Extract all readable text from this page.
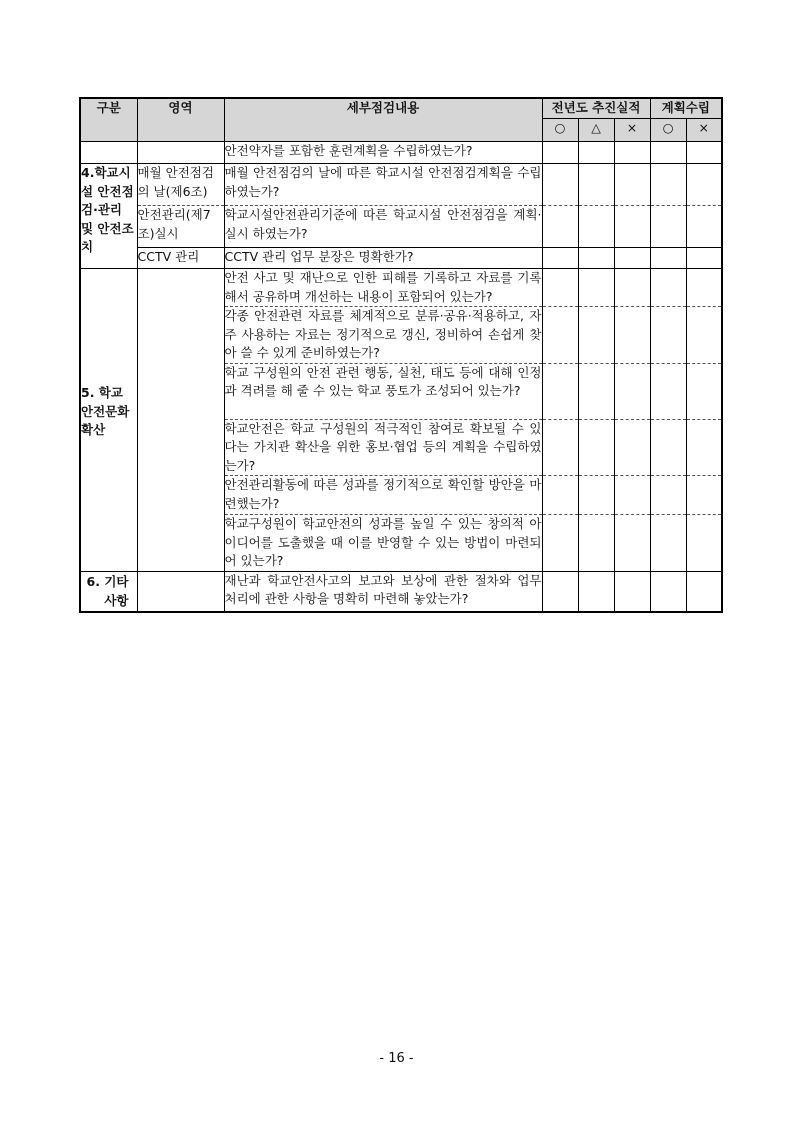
구분	영역	세부점검내용	전년도 추진실적			계획수립	
			○	△	×	○	×
		안전약자를 포함한 훈련계획을 수립하였는가?					
4.학교시설 안전점검·관리 및 안전조치	매월 안전점검의 날(제6조)	매월 안전점검의 날에 따른 학교시설 안전점검계획을 수립하였는가?					
	안전관리(제7조)실시	학교시설안전관리기준에 따른 학교시설 안전점검을 계획·실시 하였는가?					
	CCTV 관리	CCTV 관리 업무 분장은 명확한가?					
5. 학교 안전문화 확산		안전 사고 및 재난으로 인한 피해를 기록하고 자료를 기록해서 공유하며 개선하는 내용이 포함되어 있는가?					
		각종 안전관련 자료를 체계적으로 분류·공유·적용하고, 자주 사용하는 자료는 정기적으로 갱신, 정비하여 손쉽게 찾아 쓸 수 있게 준비하였는가?					
		학교 구성원의 안전 관련 행동, 실천, 태도 등에 대해 인정과 격려를 해 줄 수 있는 학교 풍토가 조성되어 있는가?					
		학교안전은 학교 구성원의 적극적인 참여로 확보될 수 있다는 가치관 확산을 위한 홍보·협업 등의 계획을 수립하였는가?					
		안전관리활동에 따른 성과를 정기적으로 확인할 방안을 마련했는가?					
		학교구성원이 학교안전의 성과를 높일 수 있는 창의적 아이디어를 도출했을 때 이를 반영할 수 있는 방법이 마련되어 있는가?					
6. 기타 사항		재난과 학교안전사고의 보고와 보상에 관한 절차와 업무 처리에 관한 사항을 명확히 마련해 놓았는가?					
- 16 -
